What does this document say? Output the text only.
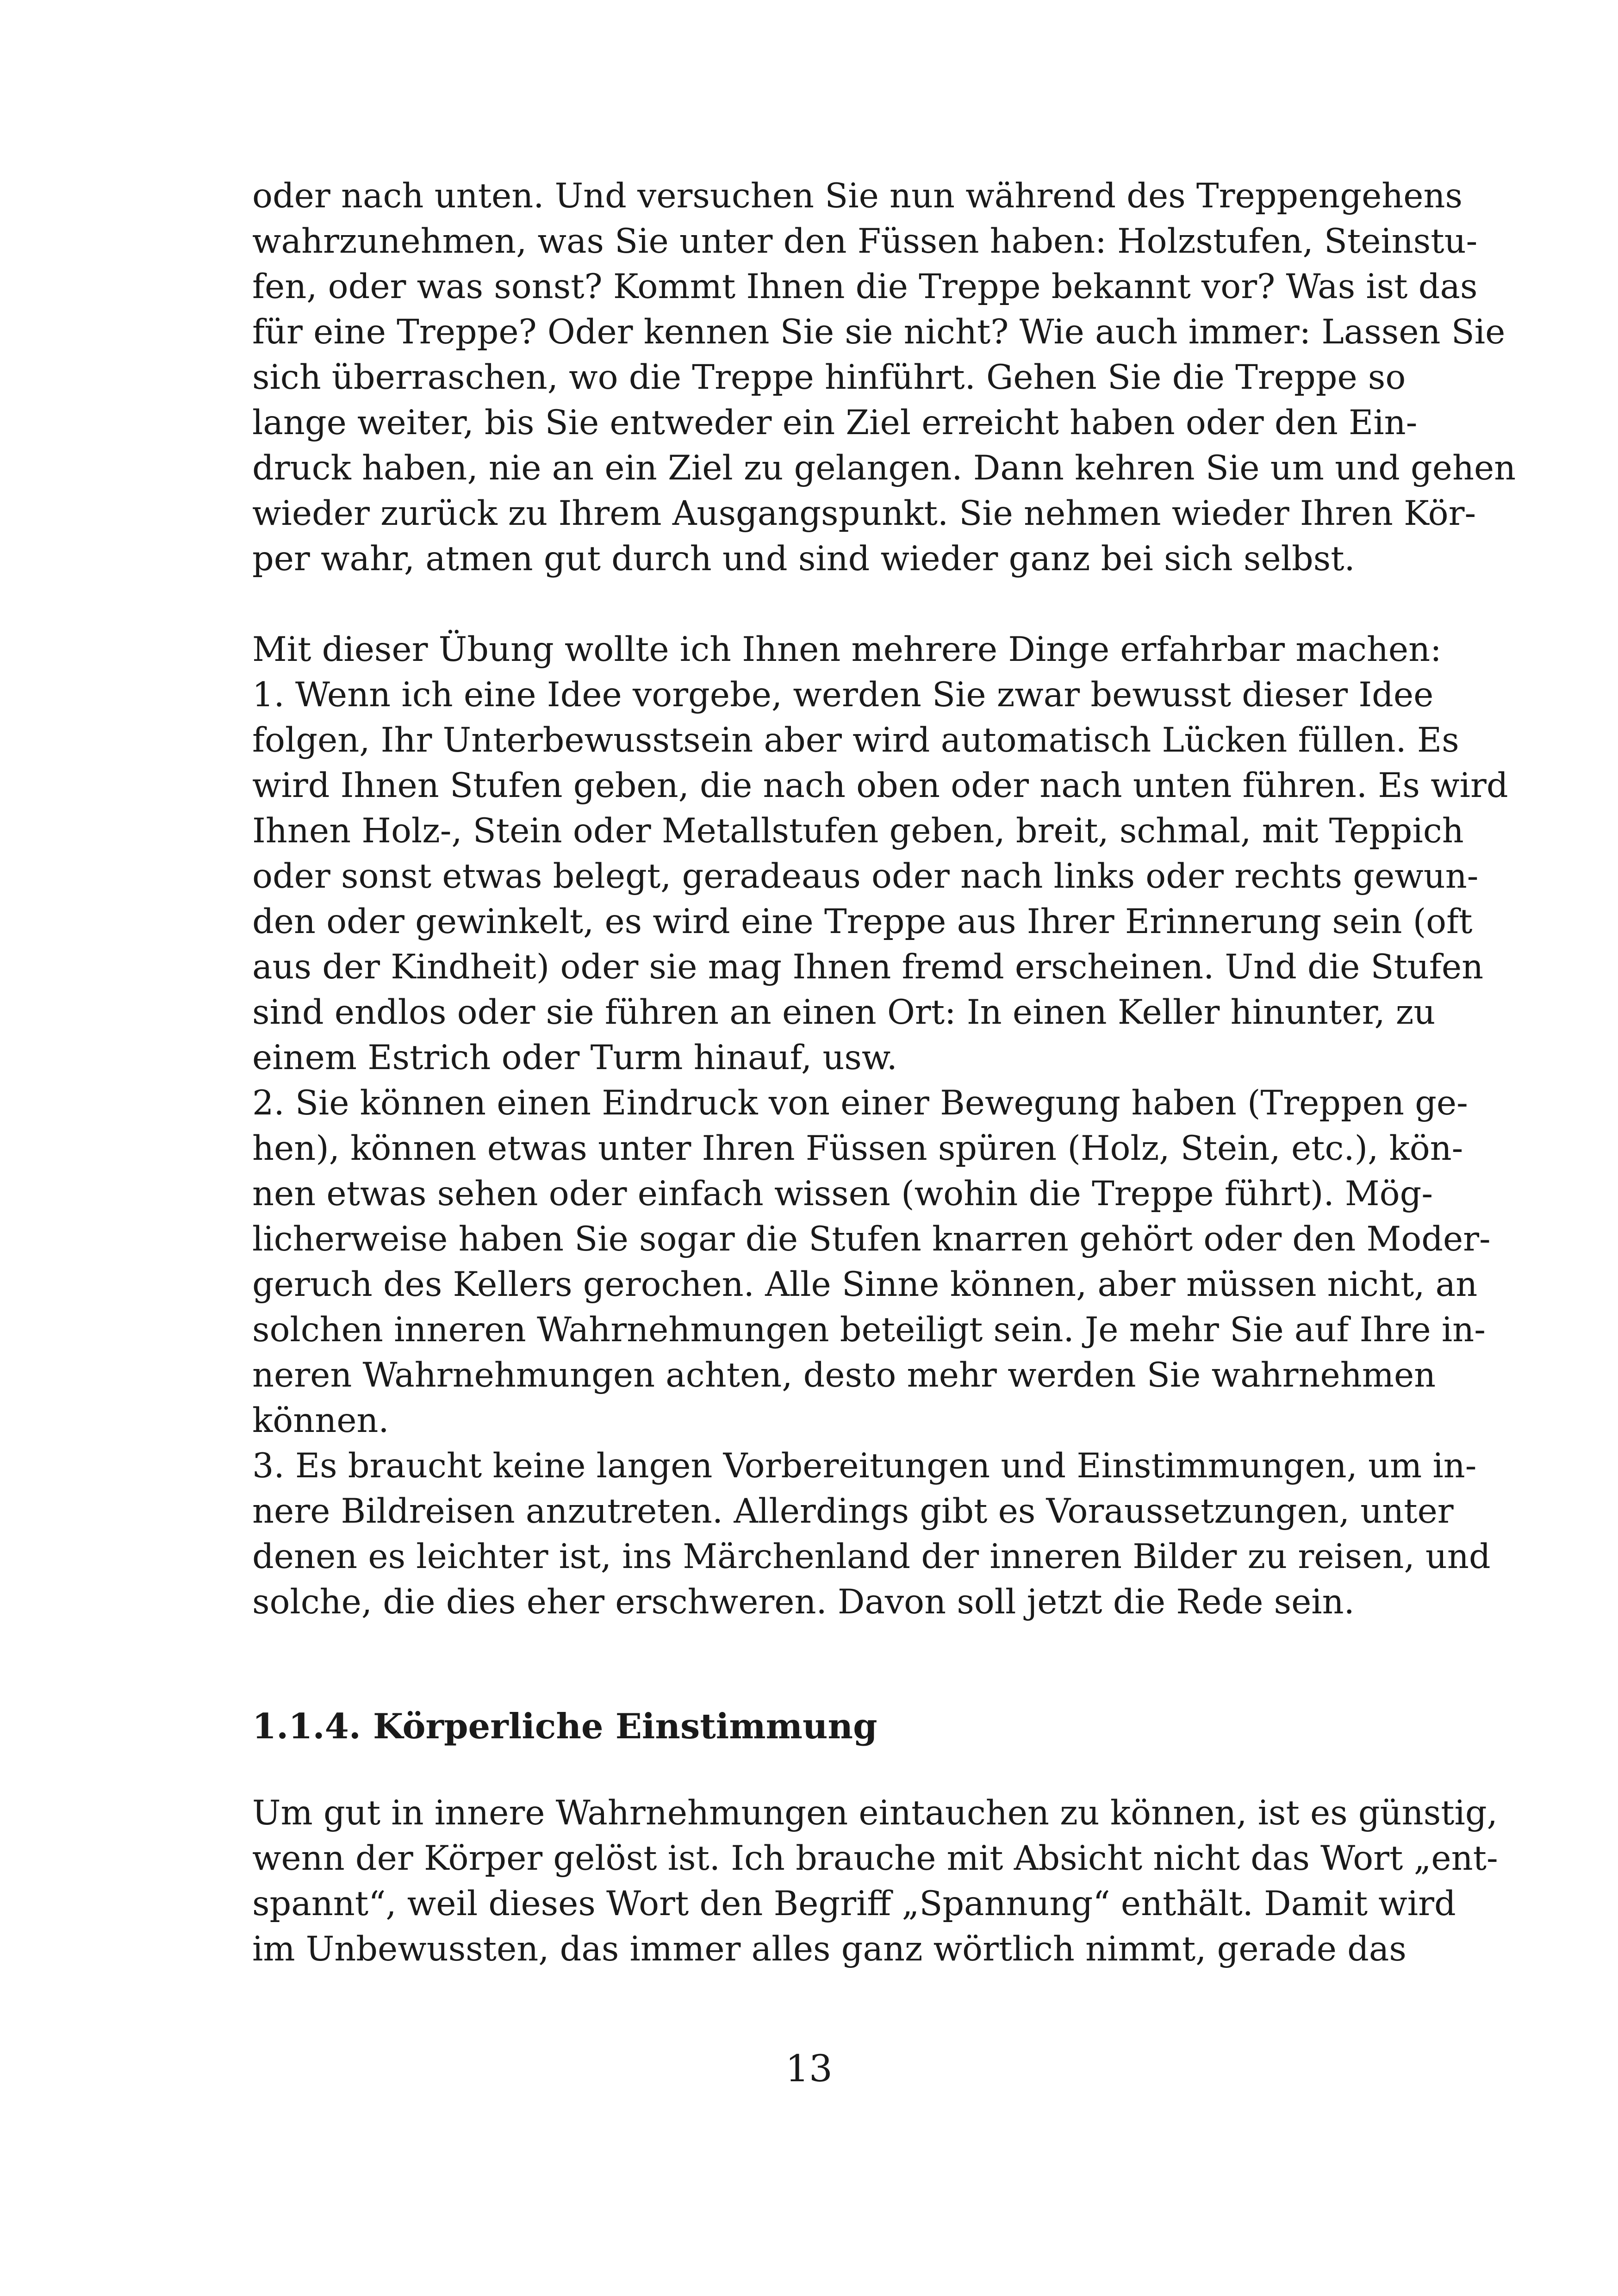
oder nach unten. Und versuchen Sie nun während des Treppengehens
wahrzunehmen, was Sie unter den Füssen haben: Holzstufen, Steinstu-
fen, oder was sonst? Kommt Ihnen die Treppe bekannt vor? Was ist das
für eine Treppe? Oder kennen Sie sie nicht? Wie auch immer: Lassen Sie
sich überraschen, wo die Treppe hinführt. Gehen Sie die Treppe so
lange weiter, bis Sie entweder ein Ziel erreicht haben oder den Ein-
druck haben, nie an ein Ziel zu gelangen. Dann kehren Sie um und gehen
wieder zurück zu Ihrem Ausgangspunkt. Sie nehmen wieder Ihren Kör-
per wahr, atmen gut durch und sind wieder ganz bei sich selbst.
Mit dieser Übung wollte ich Ihnen mehrere Dinge erfahrbar machen:
1. Wenn ich eine Idee vorgebe, werden Sie zwar bewusst dieser Idee
folgen, Ihr Unterbewusstsein aber wird automatisch Lücken füllen. Es
wird Ihnen Stufen geben, die nach oben oder nach unten führen. Es wird
Ihnen Holz-, Stein oder Metallstufen geben, breit, schmal, mit Teppich
oder sonst etwas belegt, geradeaus oder nach links oder rechts gewun-
den oder gewinkelt, es wird eine Treppe aus Ihrer Erinnerung sein (oft
aus der Kindheit) oder sie mag Ihnen fremd erscheinen. Und die Stufen
sind endlos oder sie führen an einen Ort: In einen Keller hinunter, zu
einem Estrich oder Turm hinauf, usw.
2. Sie können einen Eindruck von einer Bewegung haben (Treppen ge-
hen), können etwas unter Ihren Füssen spüren (Holz, Stein, etc.), kön-
nen etwas sehen oder einfach wissen (wohin die Treppe führt). Mög-
licherweise haben Sie sogar die Stufen knarren gehört oder den Moder-
geruch des Kellers gerochen. Alle Sinne können, aber müssen nicht, an
solchen inneren Wahrnehmungen beteiligt sein. Je mehr Sie auf Ihre in-
neren Wahrnehmungen achten, desto mehr werden Sie wahrnehmen
können.
3. Es braucht keine langen Vorbereitungen und Einstimmungen, um in-
nere Bildreisen anzutreten. Allerdings gibt es Voraussetzungen, unter
denen es leichter ist, ins Märchenland der inneren Bilder zu reisen, und
solche, die dies eher erschweren. Davon soll jetzt die Rede sein.
1.1.4. Körperliche Einstimmung
Um gut in innere Wahrnehmungen eintauchen zu können, ist es günstig,
wenn der Körper gelöst ist. Ich brauche mit Absicht nicht das Wort „ent-
spannt“, weil dieses Wort den Begriff „Spannung“ enthält. Damit wird
im Unbewussten, das immer alles ganz wörtlich nimmt, gerade das
13
